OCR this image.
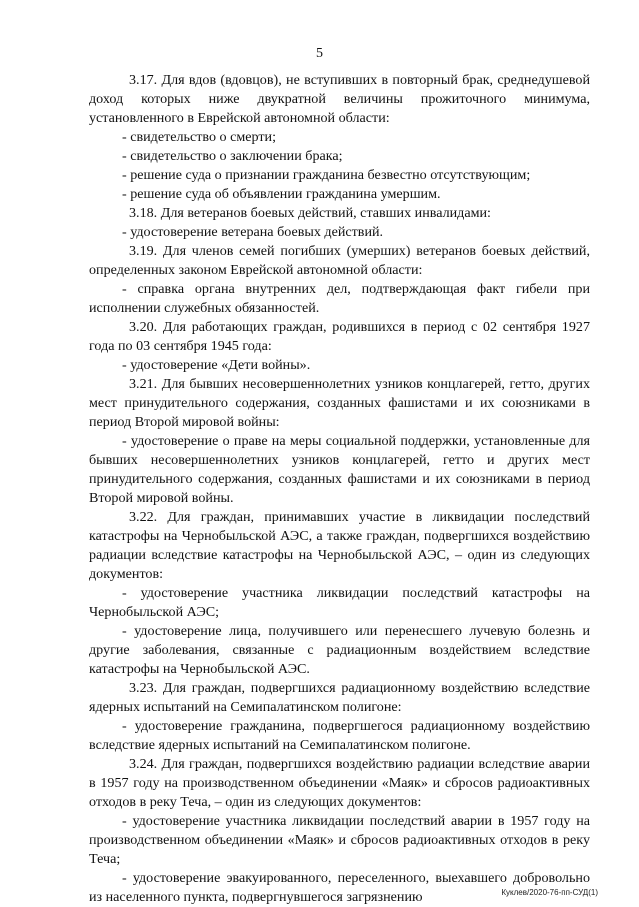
5

3.17. Для вдов (вдовцов), не вступивших в повторный брак, среднедушевой доход которых ниже двукратной величины прожиточного минимума, установленного в Еврейской автономной области:

- свидетельство о смерти;

- свидетельство о заключении брака;

- решение суда о признании гражданина безвестно отсутствующим;

- решение суда об объявлении гражданина умершим.

3.18. Для ветеранов боевых действий, ставших инвалидами:

- удостоверение ветерана боевых действий.

3.19. Для членов семей погибших (умерших) ветеранов боевых действий, определенных законом Еврейской автономной области:

- справка органа внутренних дел, подтверждающая факт гибели при исполнении служебных обязанностей.

3.20. Для работающих граждан, родившихся в период с 02 сентября 1927 года по 03 сентября 1945 года:

- удостоверение «Дети войны».

3.21. Для бывших несовершеннолетних узников концлагерей, гетто, других мест принудительного содержания, созданных фашистами и их союзниками в период Второй мировой войны:

- удостоверение о праве на меры социальной поддержки, установленные для бывших несовершеннолетних узников концлагерей, гетто и других мест принудительного содержания, созданных фашистами и их союзниками в период Второй мировой войны.

3.22. Для граждан, принимавших участие в ликвидации последствий катастрофы на Чернобыльской АЭС, а также граждан, подвергшихся воздействию радиации вследствие катастрофы на Чернобыльской АЭС, – один из следующих документов:

- удостоверение участника ликвидации последствий катастрофы на Чернобыльской АЭС;

- удостоверение лица, получившего или перенесшего лучевую болезнь и другие заболевания, связанные с радиационным воздействием вследствие катастрофы на Чернобыльской АЭС.

3.23. Для граждан, подвергшихся радиационному воздействию вследствие ядерных испытаний на Семипалатинском полигоне:

- удостоверение гражданина, подвергшегося радиационному воздействию вследствие ядерных испытаний на Семипалатинском полигоне.

3.24. Для граждан, подвергшихся воздействию радиации вследствие аварии в 1957 году на производственном объединении «Маяк» и сбросов радиоактивных отходов в реку Теча, – один из следующих документов:

- удостоверение участника ликвидации последствий аварии в 1957 году на производственном объединении «Маяк» и сбросов радиоактивных отходов в реку Теча;

- удостоверение эвакуированного, переселенного, выехавшего добровольно из населенного пункта, подвергнувшегося загрязнению	Куклев/2020-76-пп-СУД(1)
